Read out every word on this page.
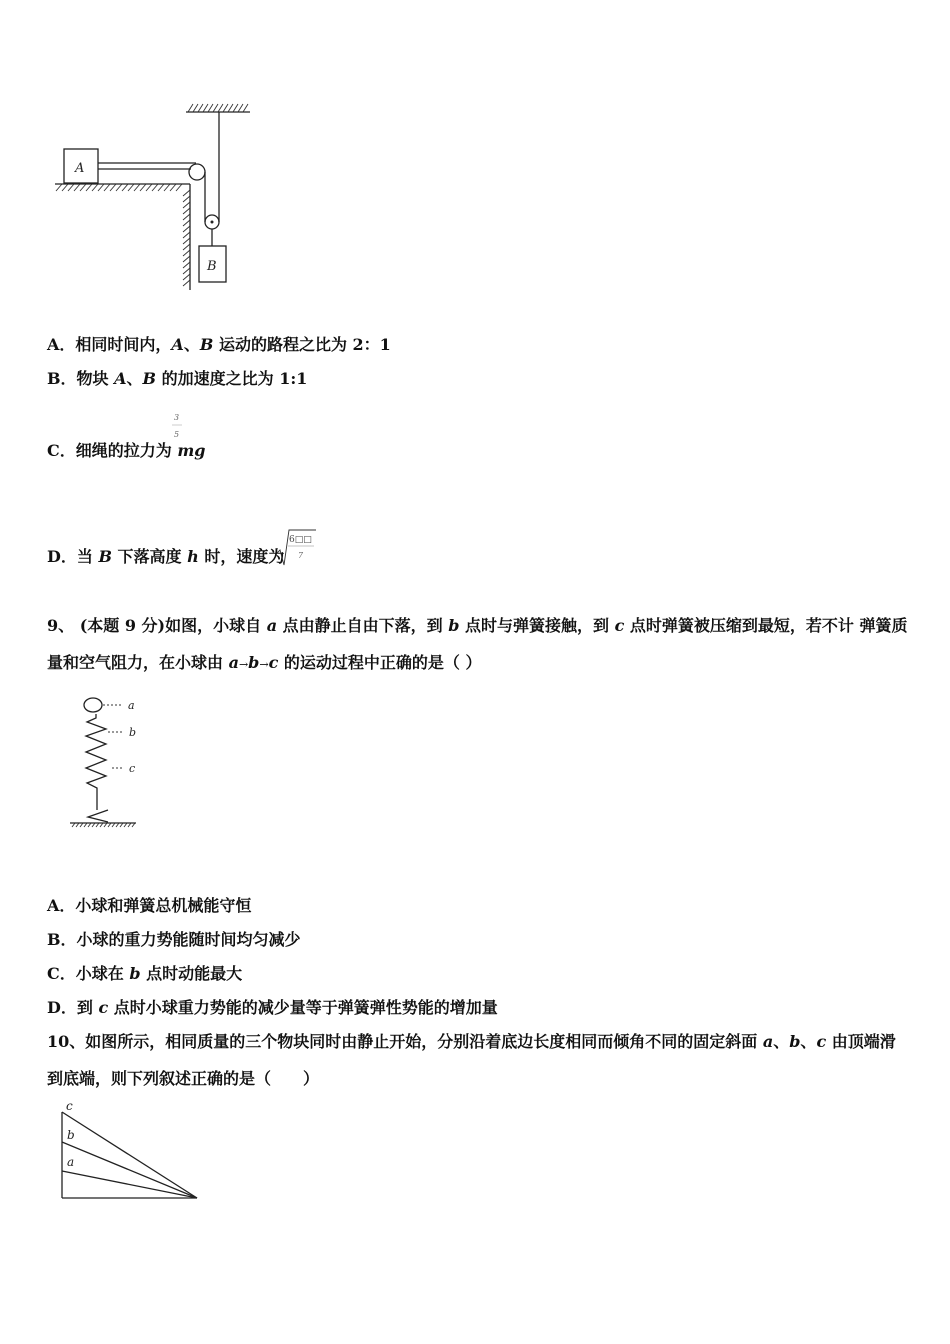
A
B
A．相同时间内，A、B 运动的路程之比为 2：1
B．物块 A、B 的加速度之比为 1:1
3
5
C．细绳的拉力为 mg
D．当 B 下落高度 h 时，速度为
6□□
7
9、 (本题 9 分)如图，小球自 a 点由静止自由下落，到 b 点时与弹簧接触，到 c 点时弹簧被压缩到最短，若不计 弹簧质
量和空气阻力，在小球由 a→b→c 的运动过程中正确的是（ ）
a
b
c
A．小球和弹簧总机械能守恒
B．小球的重力势能随时间均匀减少
C．小球在 b 点时动能最大
D．到 c 点时小球重力势能的减少量等于弹簧弹性势能的增加量
10、如图所示，相同质量的三个物块同时由静止开始，分别沿着底边长度相同而倾角不同的固定斜面 a、b、c 由顶端滑
到底端，则下列叙述正确的是（　　）
c
b
a
